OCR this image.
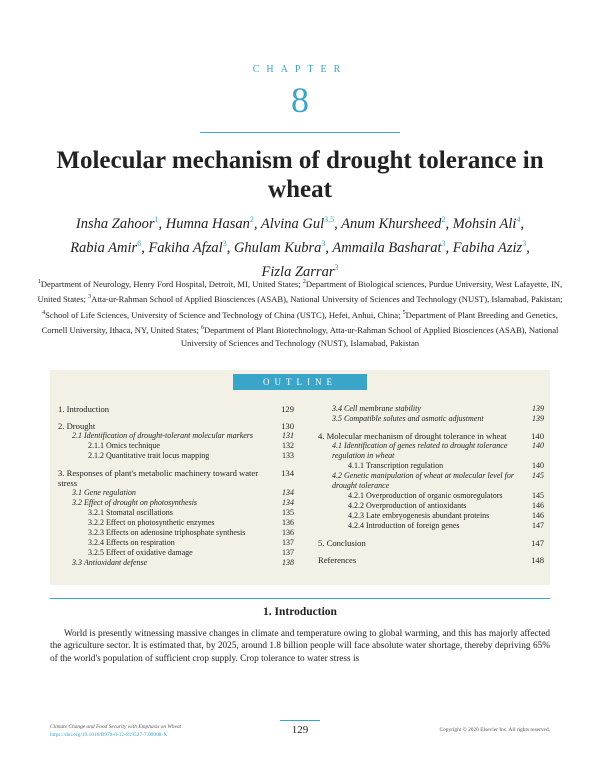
CHAPTER
8
Molecular mechanism of drought tolerance in wheat
Insha Zahoor$^1$, Humna Hasan$^2$, Alvina Gul$^{3,5}$, Anum Khursheed$^2$, Mohsin Ali$^4$, Rabia Amir$^6$, Fakiha Afzal$^3$, Ghulam Kubra$^3$, Ammaila Basharat$^3$, Fabiha Aziz$^3$, Fizla Zarrar$^3$
$^1$Department of Neurology, Henry Ford Hospital, Detroit, MI, United States; $^2$Department of Biological sciences, Purdue University, West Lafayette, IN, United States; $^3$Atta-ur-Rahman School of Applied Biosciences (ASAB), National University of Sciences and Technology (NUST), Islamabad, Pakistan; $^4$School of Life Sciences, University of Science and Technology of China (USTC), Hefei, Anhui, China; $^5$Department of Plant Breeding and Genetics, Cornell University, Ithaca, NY, United States; $^6$Department of Plant Biotechnology, Atta-ur-Rahman School of Applied Biosciences (ASAB), National University of Sciences and Technology (NUST), Islamabad, Pakistan
OUTLINE
1. Introduction	129
2. Drought	130
2.1 Identification of drought-tolerant molecular markers	131
2.1.1 Omics technique	132
2.1.2 Quantitative trait locus mapping	133
3. Responses of plant's metabolic machinery toward water stress
134
3.1 Gene regulation	134
3.2 Effect of drought on photosynthesis	134
3.2.1 Stomatal oscillations	135
3.2.2 Effect on photosynthetic enzymes	136
3.2.3 Effects on adenosine triphosphate synthesis	136
3.2.4 Effects on respiration	137
3.2.5 Effect of oxidative damage	137
3.3 Antioxidant defense	138
3.4 Cell membrane stability	139
3.5 Compatible solutes and osmotic adjustment	139
4. Molecular mechanism of drought tolerance in wheat	140
4.1 Identification of genes related to drought tolerance regulation in wheat
140
4.1.1 Transcription regulation	140
4.2 Genetic manipulation of wheat at molecular level for drought tolerance
145
4.2.1 Overproduction of organic osmoregulators	145
4.2.2 Overproduction of antioxidants	146
4.2.3 Late embryogenesis abundant proteins	146
4.2.4 Introduction of foreign genes	147
5. Conclusion	147
References	148
1. Introduction

World is presently witnessing massive changes in climate and temperature owing to global warming, and this has majorly affected the agriculture sector. It is estimated that, by 2025, around 1.8 billion people will face absolute water shortage, thereby depriving 65% of the world's population of sufficient crop supply. Crop tolerance to water stress is

Climate Change and Food Security with Emphasis on Wheat
https://doi.org/10.1016/B978-0-12-819527-7.00008-X	129	Copyright © 2020 Elsevier Inc. All rights reserved.
